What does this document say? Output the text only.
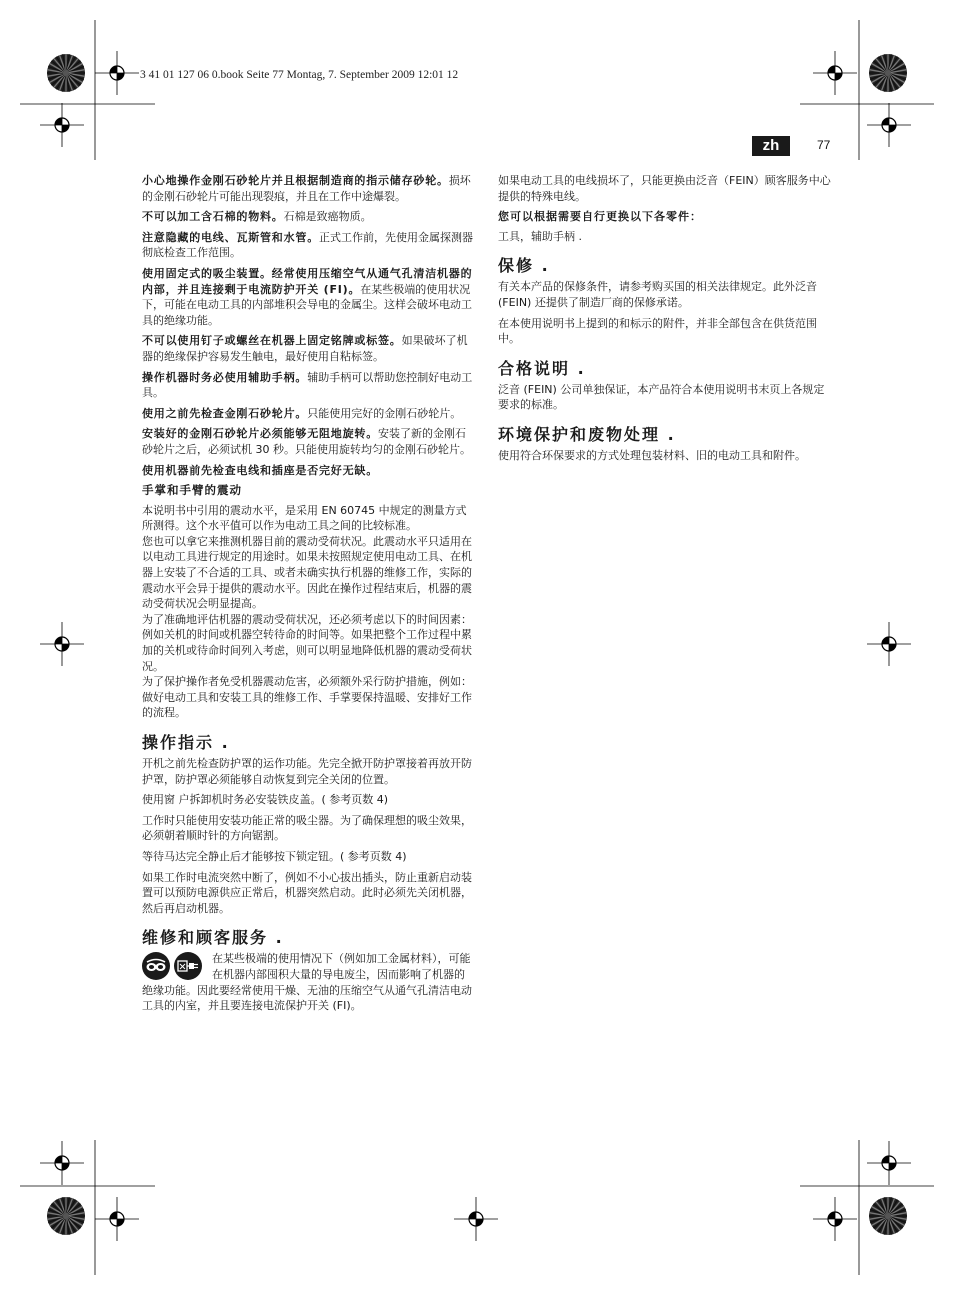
3 41 01 127 06 0.book Seite 77 Montag, 7. September 2009 12:01 12
zh	77

小心地操作金刚石砂轮片并且根据制造商的指示储存砂轮。损坏的金刚石砂轮片可能出现裂痕，并且在工作中途爆裂。

不可以加工含石棉的物料。石棉是致癌物质。

注意隐藏的电线、瓦斯管和水管。正式工作前，先使用金属探测器彻底检查工作范围。

使用固定式的吸尘装置。经常使用压缩空气从通气孔清洁机器的内部，并且连接剩于电流防护开关 (FI)。在某些极端的使用状况下，可能在电动工具的内部堆积会导电的金属尘。这样会破坏电动工具的绝缘功能。

不可以使用钉子或螺丝在机器上固定铭牌或标签。如果破坏了机器的绝缘保护容易发生触电，最好使用自粘标签。

操作机器时务必使用辅助手柄。辅助手柄可以帮助您控制好电动工具。

使用之前先检查金刚石砂轮片。只能使用完好的金刚石砂轮片。

安装好的金刚石砂轮片必须能够无阻地旋转。安装了新的金刚石砂轮片之后，必须试机 30 秒。只能使用旋转均匀的金刚石砂轮片。

使用机器前先检查电线和插座是否完好无缺。

手掌和手臂的震动

本说明书中引用的震动水平，是采用 EN 60745 中规定的测量方式所测得。这个水平值可以作为电动工具之间的比较标准。

您也可以拿它来推测机器目前的震动受荷状况。此震动水平只适用在以电动工具进行规定的用途时。如果未按照规定使用电动工具、在机器上安装了不合适的工具、或者未确实执行机器的维修工作，实际的震动水平会异于提供的震动水平。因此在操作过程结束后，机器的震动受荷状况会明显提高。

为了准确地评估机器的震动受荷状况，还必须考虑以下的时间因素：例如关机的时间或机器空转待命的时间等。如果把整个工作过程中累加的关机或待命时间列入考虑，则可以明显地降低机器的震动受荷状况。

为了保护操作者免受机器震动危害，必须额外采行防护措施，例如：做好电动工具和安装工具的维修工作、手掌要保持温暖、安排好工作的流程。

操作指示 .

开机之前先检查防护罩的运作功能。先完全掀开防护罩接着再放开防护罩，防护罩必须能够自动恢复到完全关闭的位置。

使用窗 户拆卸机时务必安装铁皮盖。( 参考页数 4)

工作时只能使用安装功能正常的吸尘器。为了确保理想的吸尘效果，必须朝着顺时针的方向锯割。

等待马达完全静止后才能够按下锁定钮。( 参考页数 4)

如果工作时电流突然中断了，例如不小心拔出插头，防止重新启动装置可以预防电源供应正常后，机器突然启动。此时必须先关闭机器，然后再启动机器。

维修和顾客服务 .

在某些极端的使用情况下（例如加工金属材料），可能在机器内部囤积大量的导电废尘，因而影响了机器的绝缘功能。因此要经常使用干燥、无油的压缩空气从通气孔清洁电动工具的内室，并且要连接电流保护开关 (FI)。

如果电动工具的电线损坏了，只能更换由泛音（FEIN）顾客服务中心提供的特殊电线。

您可以根据需要自行更换以下各零件：

工具，辅助手柄 .

保修 .

有关本产品的保修条件，请参考购买国的相关法律规定。此外泛音 (FEIN) 还提供了制造厂商的保修承诺。

在本使用说明书上提到的和标示的附件，并非全部包含在供货范围中。

合格说明 .

泛音 (FEIN) 公司单独保证，本产品符合本使用说明书末页上各规定要求的标准。

环境保护和废物处理 .

使用符合环保要求的方式处理包装材料、旧的电动工具和附件。
